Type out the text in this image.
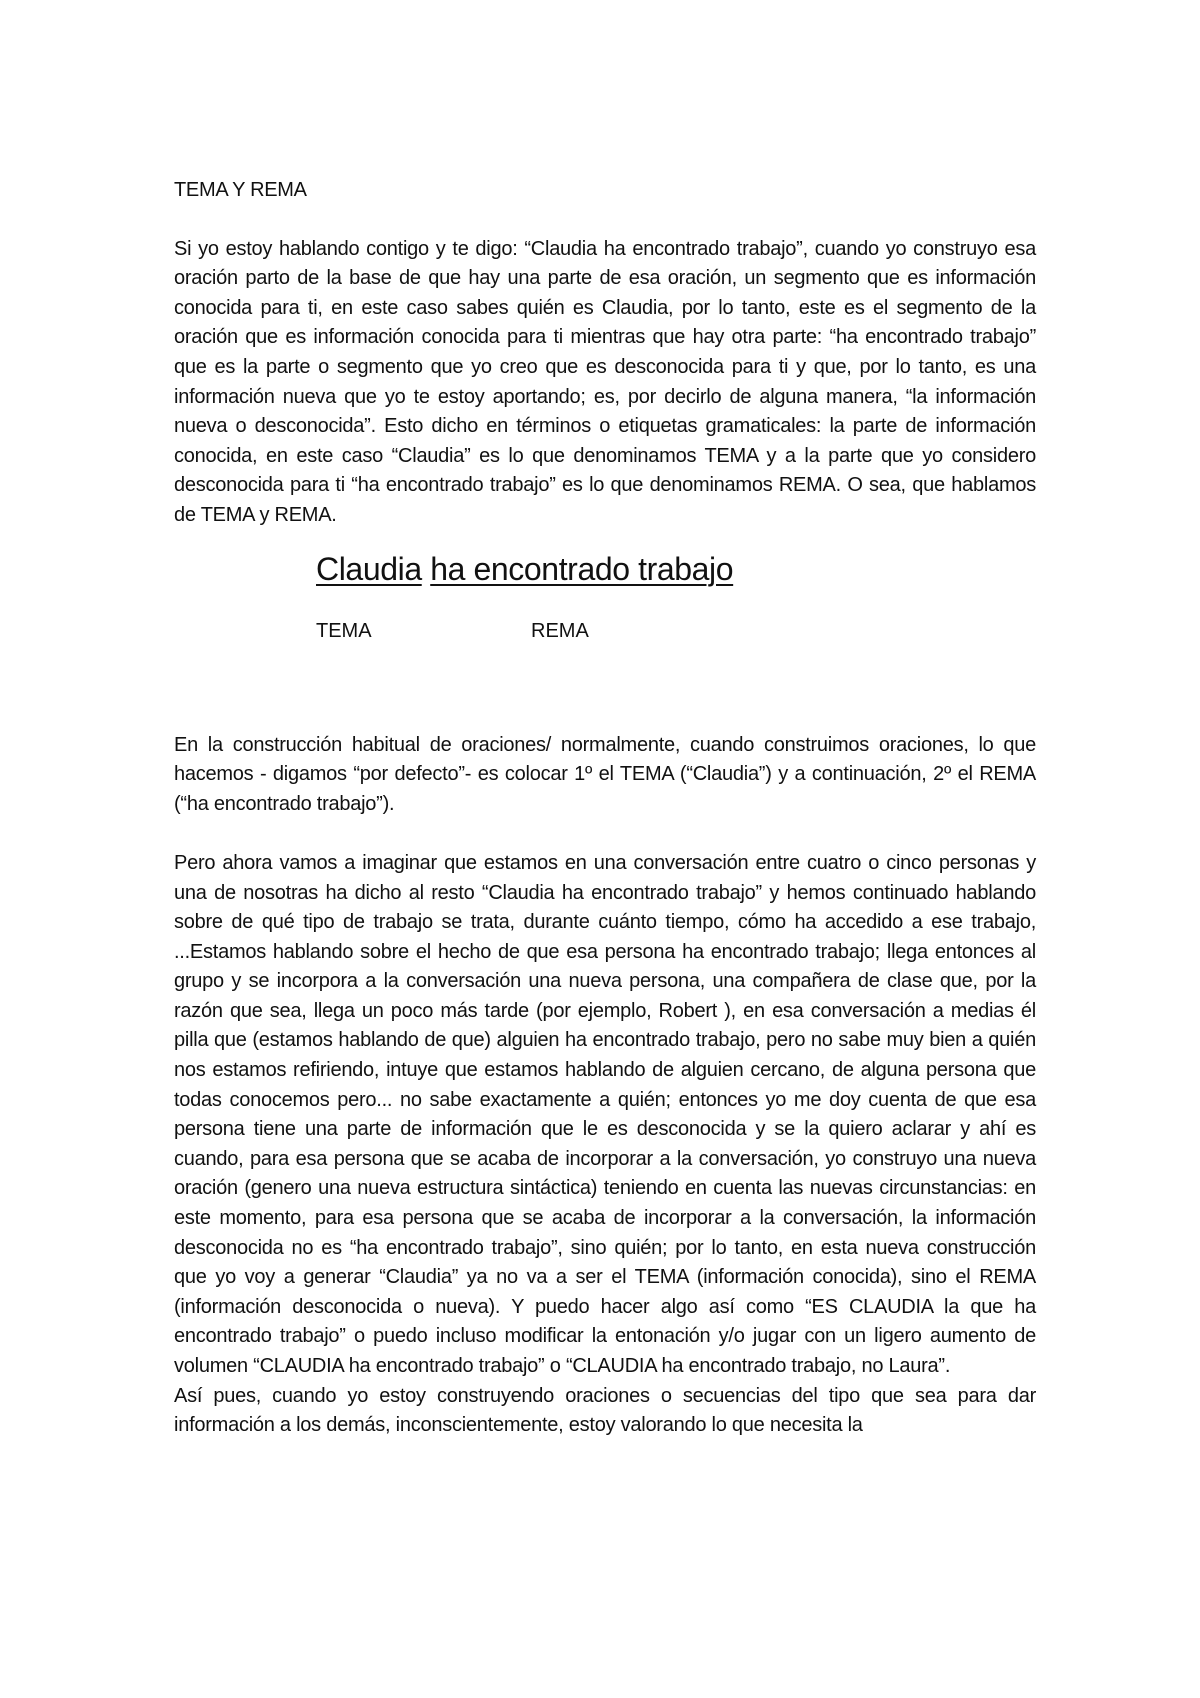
TEMA Y REMA

Si yo estoy hablando contigo y te digo: “Claudia ha encontrado trabajo”, cuando yo construyo esa oración parto de la base de que hay una parte de esa oración, un segmento que es información conocida para ti, en este caso sabes quién es Claudia, por lo tanto, este es el segmento de la oración que es información conocida para ti mientras que hay otra parte: “ha encontrado trabajo” que es la parte o segmento que yo creo que es desconocida para ti y que, por lo tanto, es una información nueva que yo te estoy aportando; es, por decirlo de alguna manera, “la información nueva o desconocida”. Esto dicho en términos o etiquetas gramaticales: la parte de información conocida, en este caso “Claudia” es lo que denominamos TEMA y a la parte que yo considero desconocida para ti “ha encontrado trabajo” es lo que denominamos REMA. O sea, que hablamos de TEMA y REMA.

Claudia ha encontrado trabajo
TEMA	REMA

En la construcción habitual de oraciones/ normalmente, cuando construimos oraciones, lo que hacemos - digamos “por defecto”- es colocar 1º el TEMA (“Claudia”) y a continuación, 2º el REMA (“ha encontrado trabajo”).

Pero ahora vamos a imaginar que estamos en una conversación entre cuatro o cinco personas y una de nosotras ha dicho al resto “Claudia ha encontrado trabajo” y hemos continuado hablando sobre de qué tipo de trabajo se trata, durante cuánto tiempo, cómo ha accedido a ese trabajo, ...Estamos hablando sobre el hecho de que esa persona ha encontrado trabajo; llega entonces al grupo y se incorpora a la conversación una nueva persona, una compañera de clase que, por la razón que sea, llega un poco más tarde (por ejemplo, Robert ), en esa conversación a medias él pilla que (estamos hablando de que) alguien ha encontrado trabajo, pero no sabe muy bien a quién nos estamos refiriendo, intuye que estamos hablando de alguien cercano, de alguna persona que todas conocemos pero... no sabe exactamente a quién; entonces yo me doy cuenta de que esa persona tiene una parte de información que le es desconocida y se la quiero aclarar y ahí es cuando, para esa persona que se acaba de incorporar a la conversación, yo construyo una nueva oración (genero una nueva estructura sintáctica) teniendo en cuenta las nuevas circunstancias: en este momento, para esa persona que se acaba de incorporar a la conversación, la información desconocida no es “ha encontrado trabajo”, sino quién; por lo tanto, en esta nueva construcción que yo voy a generar “Claudia” ya no va a ser el TEMA (información conocida), sino el REMA (información desconocida o nueva). Y puedo hacer algo así como “ES CLAUDIA la que ha encontrado trabajo” o puedo incluso modificar la entonación y/o jugar con un ligero aumento de volumen “CLAUDIA ha encontrado trabajo” o “CLAUDIA ha encontrado trabajo, no Laura”.

Así pues, cuando yo estoy construyendo oraciones o secuencias del tipo que sea para dar información a los demás, inconscientemente, estoy valorando lo que necesita la
